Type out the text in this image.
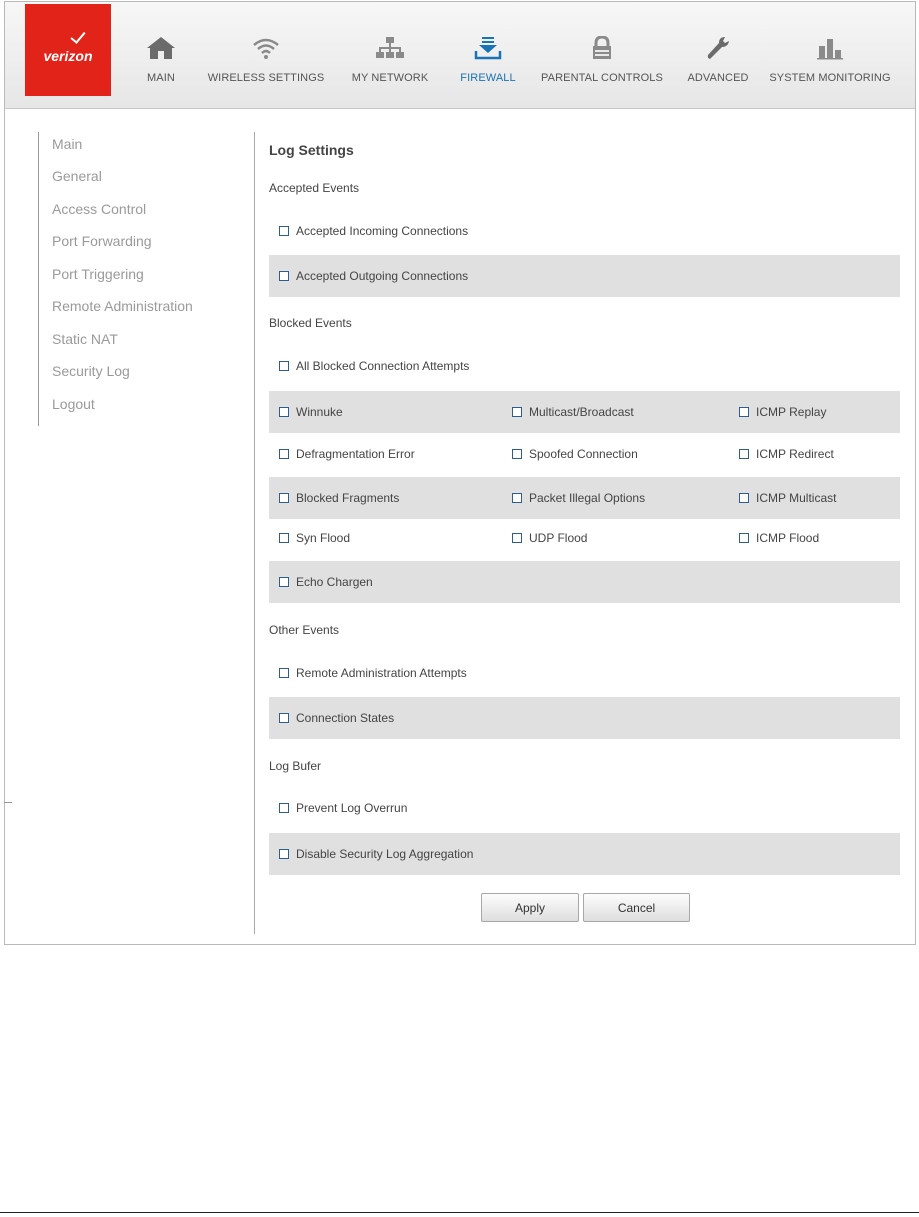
verizon
MAIN	WIRELESS SETTINGS MY NETWORK	FIREWALL PARENTAL CONTROLS ADVANCED SYSTEM MONITORING
Main
General
Access Control
Port Forwarding
Port Triggering
Remote Administration
Static NAT
Security Log
Logout
Log Settings
Accepted Events
Accepted Incoming Connections
Accepted Outgoing Connections
Blocked Events
All Blocked Connection Attempts
Winnuke	Multicast/Broadcast	ICMP Replay
Defragmentation Error	Spoofed Connection	ICMP Redirect
Blocked Fragments	Packet Illegal Options	ICMP Multicast
Syn Flood	UDP Flood	ICMP Flood
Echo Chargen
Other Events
Remote Administration Attempts
Connection States
Log Bufer
Prevent Log Overrun
Disable Security Log Aggregation
Apply	Cancel
